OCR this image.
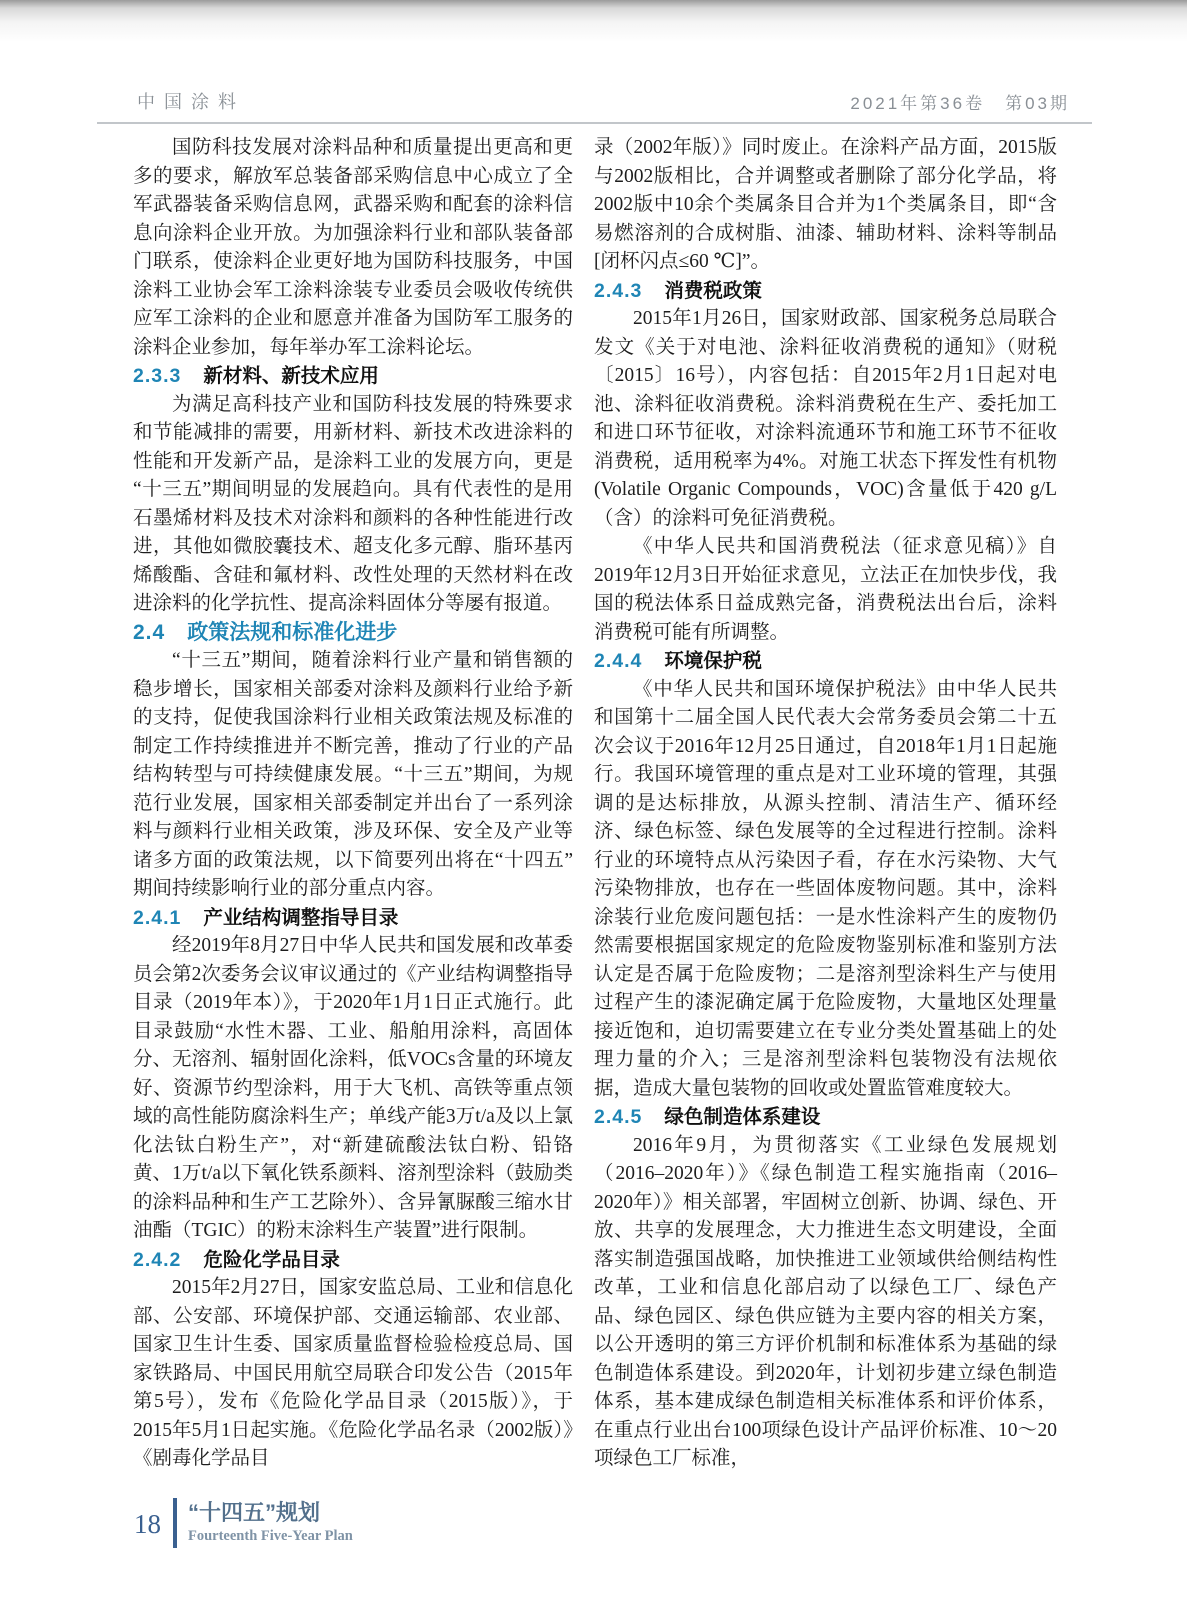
中国涂料	2021年第36卷　第03期

国防科技发展对涂料品种和质量提出更高和更多的要求，解放军总装备部采购信息中心成立了全军武器装备采购信息网，武器采购和配套的涂料信息向涂料企业开放。为加强涂料行业和部队装备部门联系，使涂料企业更好地为国防科技服务，中国涂料工业协会军工涂料涂装专业委员会吸收传统供应军工涂料的企业和愿意并准备为国防军工服务的涂料企业参加，每年举办军工涂料论坛。

2.3.3 新材料、新技术应用

为满足高科技产业和国防科技发展的特殊要求和节能减排的需要，用新材料、新技术改进涂料的性能和开发新产品，是涂料工业的发展方向，更是“十三五”期间明显的发展趋向。具有代表性的是用石墨烯材料及技术对涂料和颜料的各种性能进行改进，其他如微胶囊技术、超支化多元醇、脂环基丙烯酸酯、含硅和氟材料、改性处理的天然材料在改进涂料的化学抗性、提高涂料固体分等屡有报道。

2.4 政策法规和标准化进步

“十三五”期间，随着涂料行业产量和销售额的稳步增长，国家相关部委对涂料及颜料行业给予新的支持，促使我国涂料行业相关政策法规及标准的制定工作持续推进并不断完善，推动了行业的产品结构转型与可持续健康发展。“十三五”期间，为规范行业发展，国家相关部委制定并出台了一系列涂料与颜料行业相关政策，涉及环保、安全及产业等诸多方面的政策法规，以下简要列出将在“十四五”期间持续影响行业的部分重点内容。

2.4.1 产业结构调整指导目录

经2019年8月27日中华人民共和国发展和改革委员会第2次委务会议审议通过的《产业结构调整指导目录（2019年本）》，于2020年1月1日正式施行。此目录鼓励“水性木器、工业、船舶用涂料，高固体分、无溶剂、辐射固化涂料，低VOCs含量的环境友好、资源节约型涂料，用于大飞机、高铁等重点领域的高性能防腐涂料生产；单线产能3万t/a及以上氯化法钛白粉生产”，对“新建硫酸法钛白粉、铅铬黄、1万t/a以下氧化铁系颜料、溶剂型涂料（鼓励类的涂料品种和生产工艺除外）、含异氰脲酸三缩水甘油酯（TGIC）的粉末涂料生产装置”进行限制。

2.4.2 危险化学品目录

2015年2月27日，国家安监总局、工业和信息化部、公安部、环境保护部、交通运输部、农业部、国家卫生计生委、国家质量监督检验检疫总局、国家铁路局、中国民用航空局联合印发公告（2015年第5号），发布《危险化学品目录（2015版）》，于2015年5月1日起实施。《危险化学品名录（2002版）》《剧毒化学品目

录（2002年版）》同时废止。在涂料产品方面，2015版与2002版相比，合并调整或者删除了部分化学品，将2002版中10余个类属条目合并为1个类属条目，即“含易燃溶剂的合成树脂、油漆、辅助材料、涂料等制品[闭杯闪点≤60 ℃]”。

2.4.3 消费税政策

2015年1月26日，国家财政部、国家税务总局联合发文《关于对电池、涂料征收消费税的通知》（财税〔2015〕16号），内容包括：自2015年2月1日起对电池、涂料征收消费税。涂料消费税在生产、委托加工和进口环节征收，对涂料流通环节和施工环节不征收消费税，适用税率为4%。对施工状态下挥发性有机物(Volatile Organic Compounds，VOC)含量低于420 g/L（含）的涂料可免征消费税。

《中华人民共和国消费税法（征求意见稿）》自2019年12月3日开始征求意见，立法正在加快步伐，我国的税法体系日益成熟完备，消费税法出台后，涂料消费税可能有所调整。

2.4.4 环境保护税

《中华人民共和国环境保护税法》由中华人民共和国第十二届全国人民代表大会常务委员会第二十五次会议于2016年12月25日通过，自2018年1月1日起施行。我国环境管理的重点是对工业环境的管理，其强调的是达标排放，从源头控制、清洁生产、循环经济、绿色标签、绿色发展等的全过程进行控制。涂料行业的环境特点从污染因子看，存在水污染物、大气污染物排放，也存在一些固体废物问题。其中，涂料涂装行业危废问题包括：一是水性涂料产生的废物仍然需要根据国家规定的危险废物鉴别标准和鉴别方法认定是否属于危险废物；二是溶剂型涂料生产与使用过程产生的漆泥确定属于危险废物，大量地区处理量接近饱和，迫切需要建立在专业分类处置基础上的处理力量的介入；三是溶剂型涂料包装物没有法规依据，造成大量包装物的回收或处置监管难度较大。

2.4.5 绿色制造体系建设

2016年9月，为贯彻落实《工业绿色发展规划（2016–2020年）》《绿色制造工程实施指南（2016–2020年）》相关部署，牢固树立创新、协调、绿色、开放、共享的发展理念，大力推进生态文明建设，全面落实制造强国战略，加快推进工业领域供给侧结构性改革，工业和信息化部启动了以绿色工厂、绿色产品、绿色园区、绿色供应链为主要内容的相关方案，以公开透明的第三方评价机制和标准体系为基础的绿色制造体系建设。到2020年，计划初步建立绿色制造体系，基本建成绿色制造相关标准体系和评价体系，在重点行业出台100项绿色设计产品评价标准、10～20项绿色工厂标准，

18 “十四五”规划
Fourteenth Five-Year Plan
